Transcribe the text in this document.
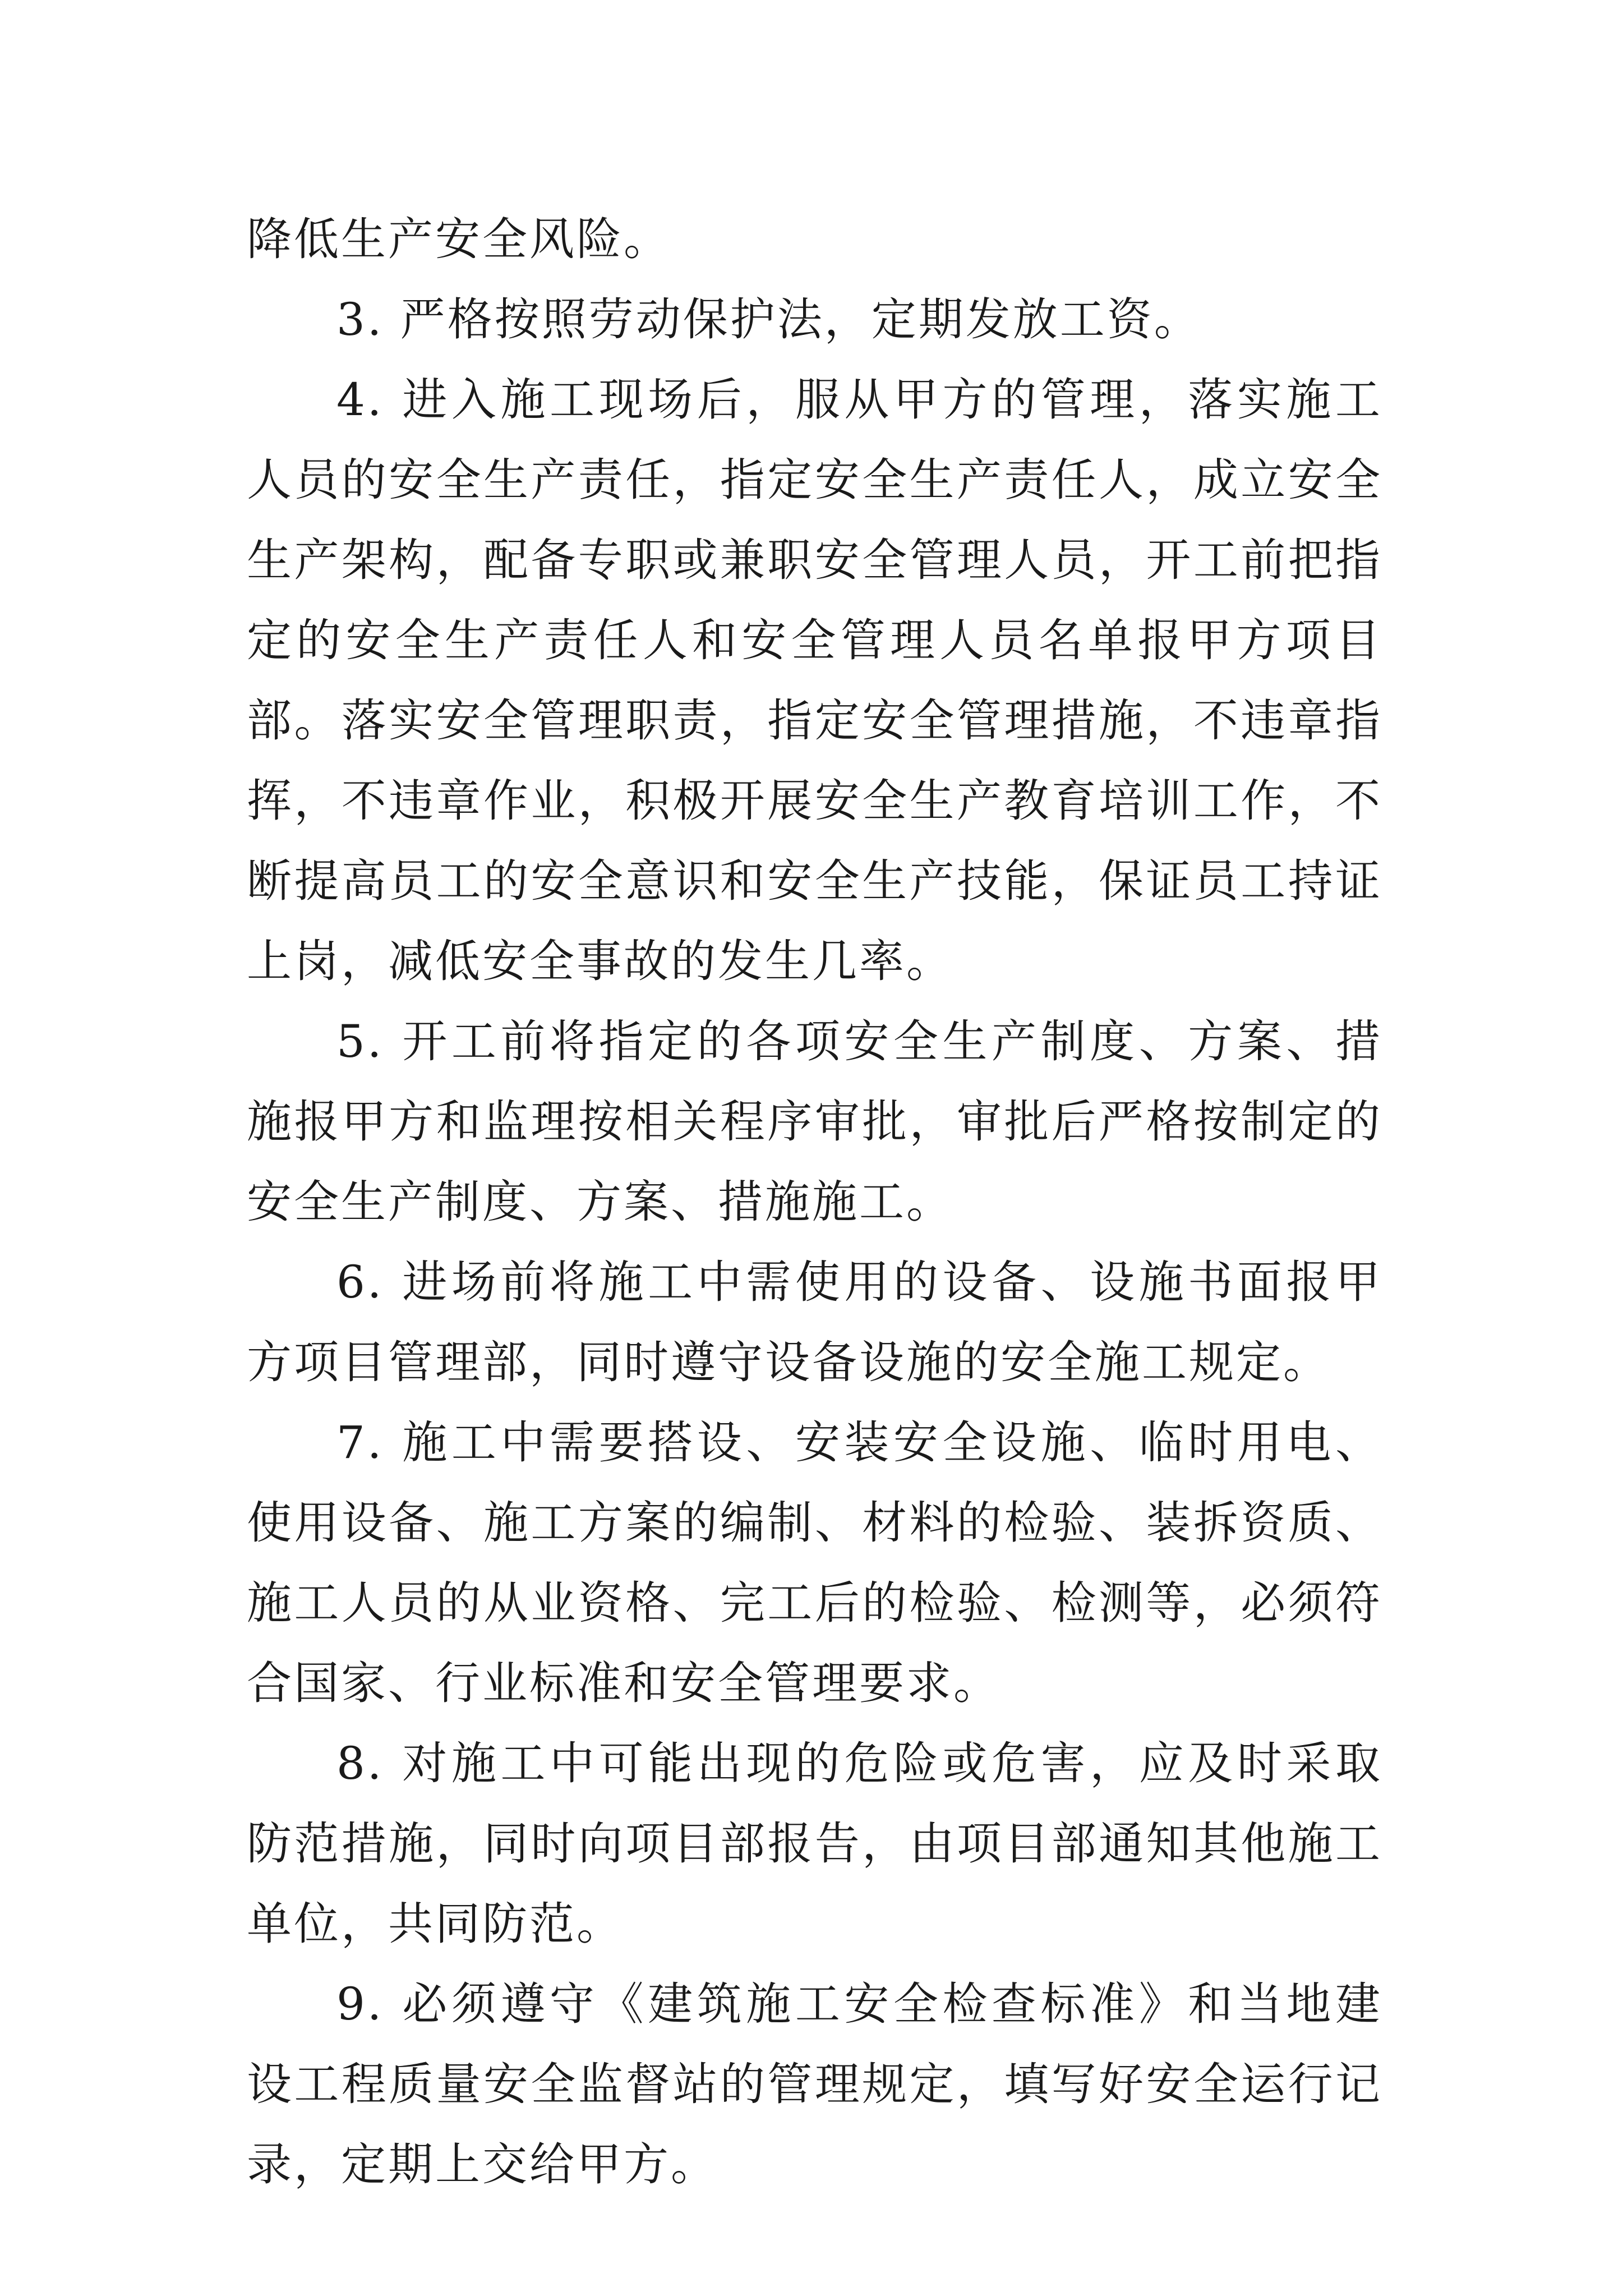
降低生产安全风险。

3. 严格按照劳动保护法，定期发放工资。

4. 进入施工现场后，服从甲方的管理，落实施工人员的安全生产责任，指定安全生产责任人，成立安全生产架构，配备专职或兼职安全管理人员，开工前把指定的安全生产责任人和安全管理人员名单报甲方项目部。落实安全管理职责，指定安全管理措施，不违章指挥，不违章作业，积极开展安全生产教育培训工作，不断提高员工的安全意识和安全生产技能，保证员工持证上岗，减低安全事故的发生几率。

5. 开工前将指定的各项安全生产制度、方案、措施报甲方和监理按相关程序审批，审批后严格按制定的安全生产制度、方案、措施施工。

6. 进场前将施工中需使用的设备、设施书面报甲方项目管理部，同时遵守设备设施的安全施工规定。

7. 施工中需要搭设、安装安全设施、临时用电、使用设备、施工方案的编制、材料的检验、装拆资质、施工人员的从业资格、完工后的检验、检测等，必须符合国家、行业标准和安全管理要求。

8. 对施工中可能出现的危险或危害，应及时采取防范措施，同时向项目部报告，由项目部通知其他施工单位，共同防范。

9. 必须遵守《建筑施工安全检查标准》和当地建设工程质量安全监督站的管理规定，填写好安全运行记录，定期上交给甲方。
